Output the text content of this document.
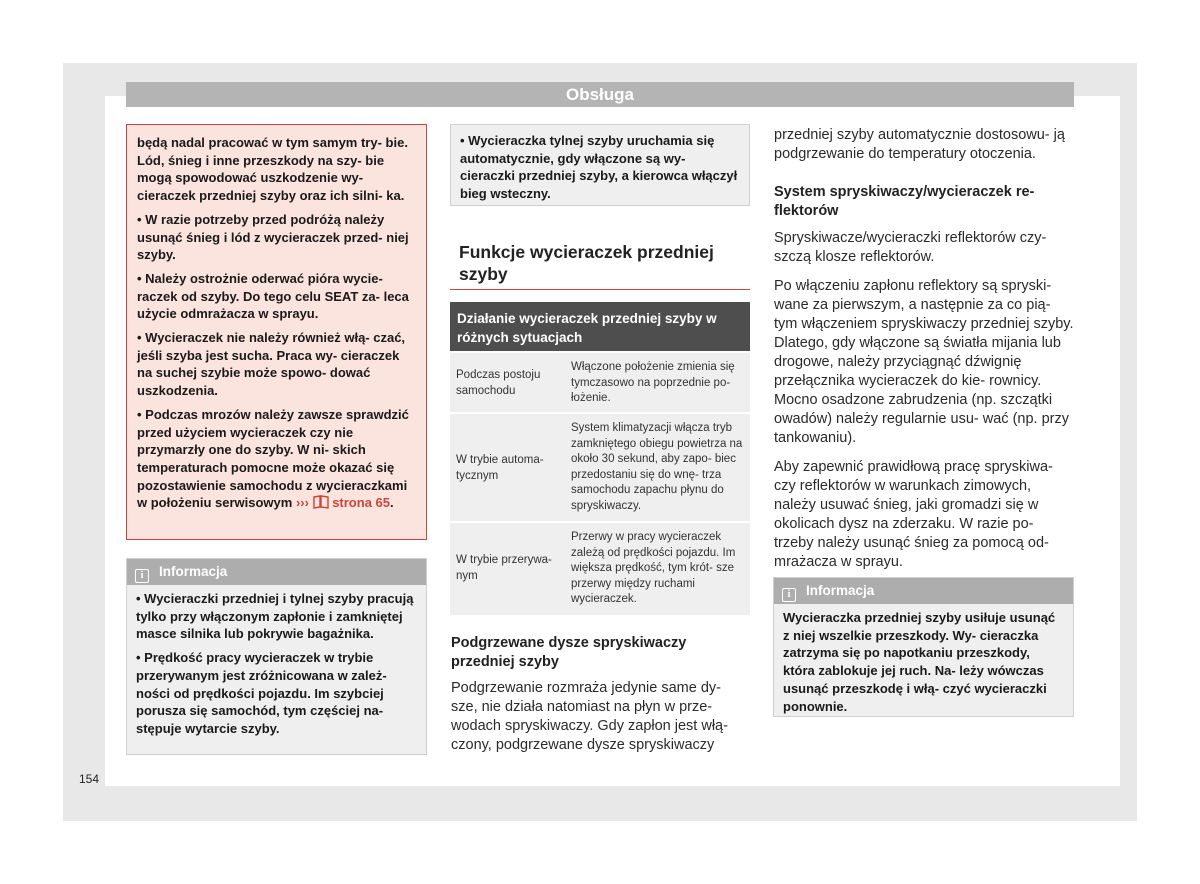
Obsługa

będą nadal pracować w tym samym try- bie. Lód, śnieg i inne przeszkody na szy- bie mogą spowodować uszkodzenie wy- cieraczek przedniej szyby oraz ich silni- ka.

• W razie potrzeby przed podróżą należy usunąć śnieg i lód z wycieraczek przed- niej szyby.

• Należy ostrożnie oderwać pióra wycie- raczek od szyby. Do tego celu SEAT za- leca użycie odmrażacza w sprayu.

• Wycieraczek nie należy również włą- czać, jeśli szyba jest sucha. Praca wy- cieraczek na suchej szybie może spowo- dować uszkodzenia.

• Podczas mrozów należy zawsze sprawdzić przed użyciem wycieraczek czy nie przymarzły one do szyby. W ni- skich temperaturach pomocne może okazać się pozostawienie samochodu z wycieraczkami w położeniu serwisowym ››› strona 65.

i Informacja

• Wycieraczki przedniej i tylnej szyby pracują tylko przy włączonym zapłonie i zamkniętej masce silnika lub pokrywie bagażnika.

• Prędkość pracy wycieraczek w trybie przerywanym jest zróżnicowana w zależ- ności od prędkości pojazdu. Im szybciej porusza się samochód, tym częściej na- stępuje wytarcie szyby.

• Wycieraczka tylnej szyby uruchamia się automatycznie, gdy włączone są wy- cieraczki przedniej szyby, a kierowca włączył bieg wsteczny.
Funkcje wycieraczek przedniej szyby
Działanie wycieraczek przedniej szyby w różnych sytuacjach
Podczas postoju samochodu
Włączone położenie zmienia się tymczasowo na poprzednie po- łożenie.
W trybie automa- tycznym
System klimatyzacji włącza tryb zamkniętego obiegu powietrza na około 30 sekund, aby zapo- biec przedostaniu się do wnę- trza samochodu zapachu płynu do spryskiwaczy.
W trybie przerywa- nym
Przerwy w pracy wycieraczek zależą od prędkości pojazdu. Im większa prędkość, tym krót- sze przerwy między ruchami wycieraczek.
Podgrzewane dysze spryskiwaczy przedniej szyby
Podgrzewanie rozmraża jedynie same dy- sze, nie działa natomiast na płyn w prze- wodach spryskiwaczy. Gdy zapłon jest włą- czony, podgrzewane dysze spryskiwaczy
przedniej szyby automatycznie dostosowu- ją podgrzewanie do temperatury otoczenia.
System spryskiwaczy/wycieraczek re- flektorów

Spryskiwacze/wycieraczki reflektorów czy- szczą klosze reflektorów.

Po włączeniu zapłonu reflektory są spryski- wane za pierwszym, a następnie za co pią- tym włączeniem spryskiwaczy przedniej szyby. Dlatego, gdy włączone są światła mijania lub drogowe, należy przyciągnąć dźwignię przełącznika wycieraczek do kie- rownicy. Mocno osadzone zabrudzenia (np. szczątki owadów) należy regularnie usu- wać (np. przy tankowaniu).

Aby zapewnić prawidłową pracę spryskiwa- czy reflektorów w warunkach zimowych, należy usuwać śnieg, jaki gromadzi się w okolicach dysz na zderzaku. W razie po- trzeby należy usunąć śnieg za pomocą od- mrażacza w sprayu.

i Informacja

Wycieraczka przedniej szyby usiłuje usunąć z niej wszelkie przeszkody. Wy- cieraczka zatrzyma się po napotkaniu przeszkody, która zablokuje jej ruch. Na- leży wówczas usunąć przeszkodę i włą- czyć wycieraczki ponownie.

154
